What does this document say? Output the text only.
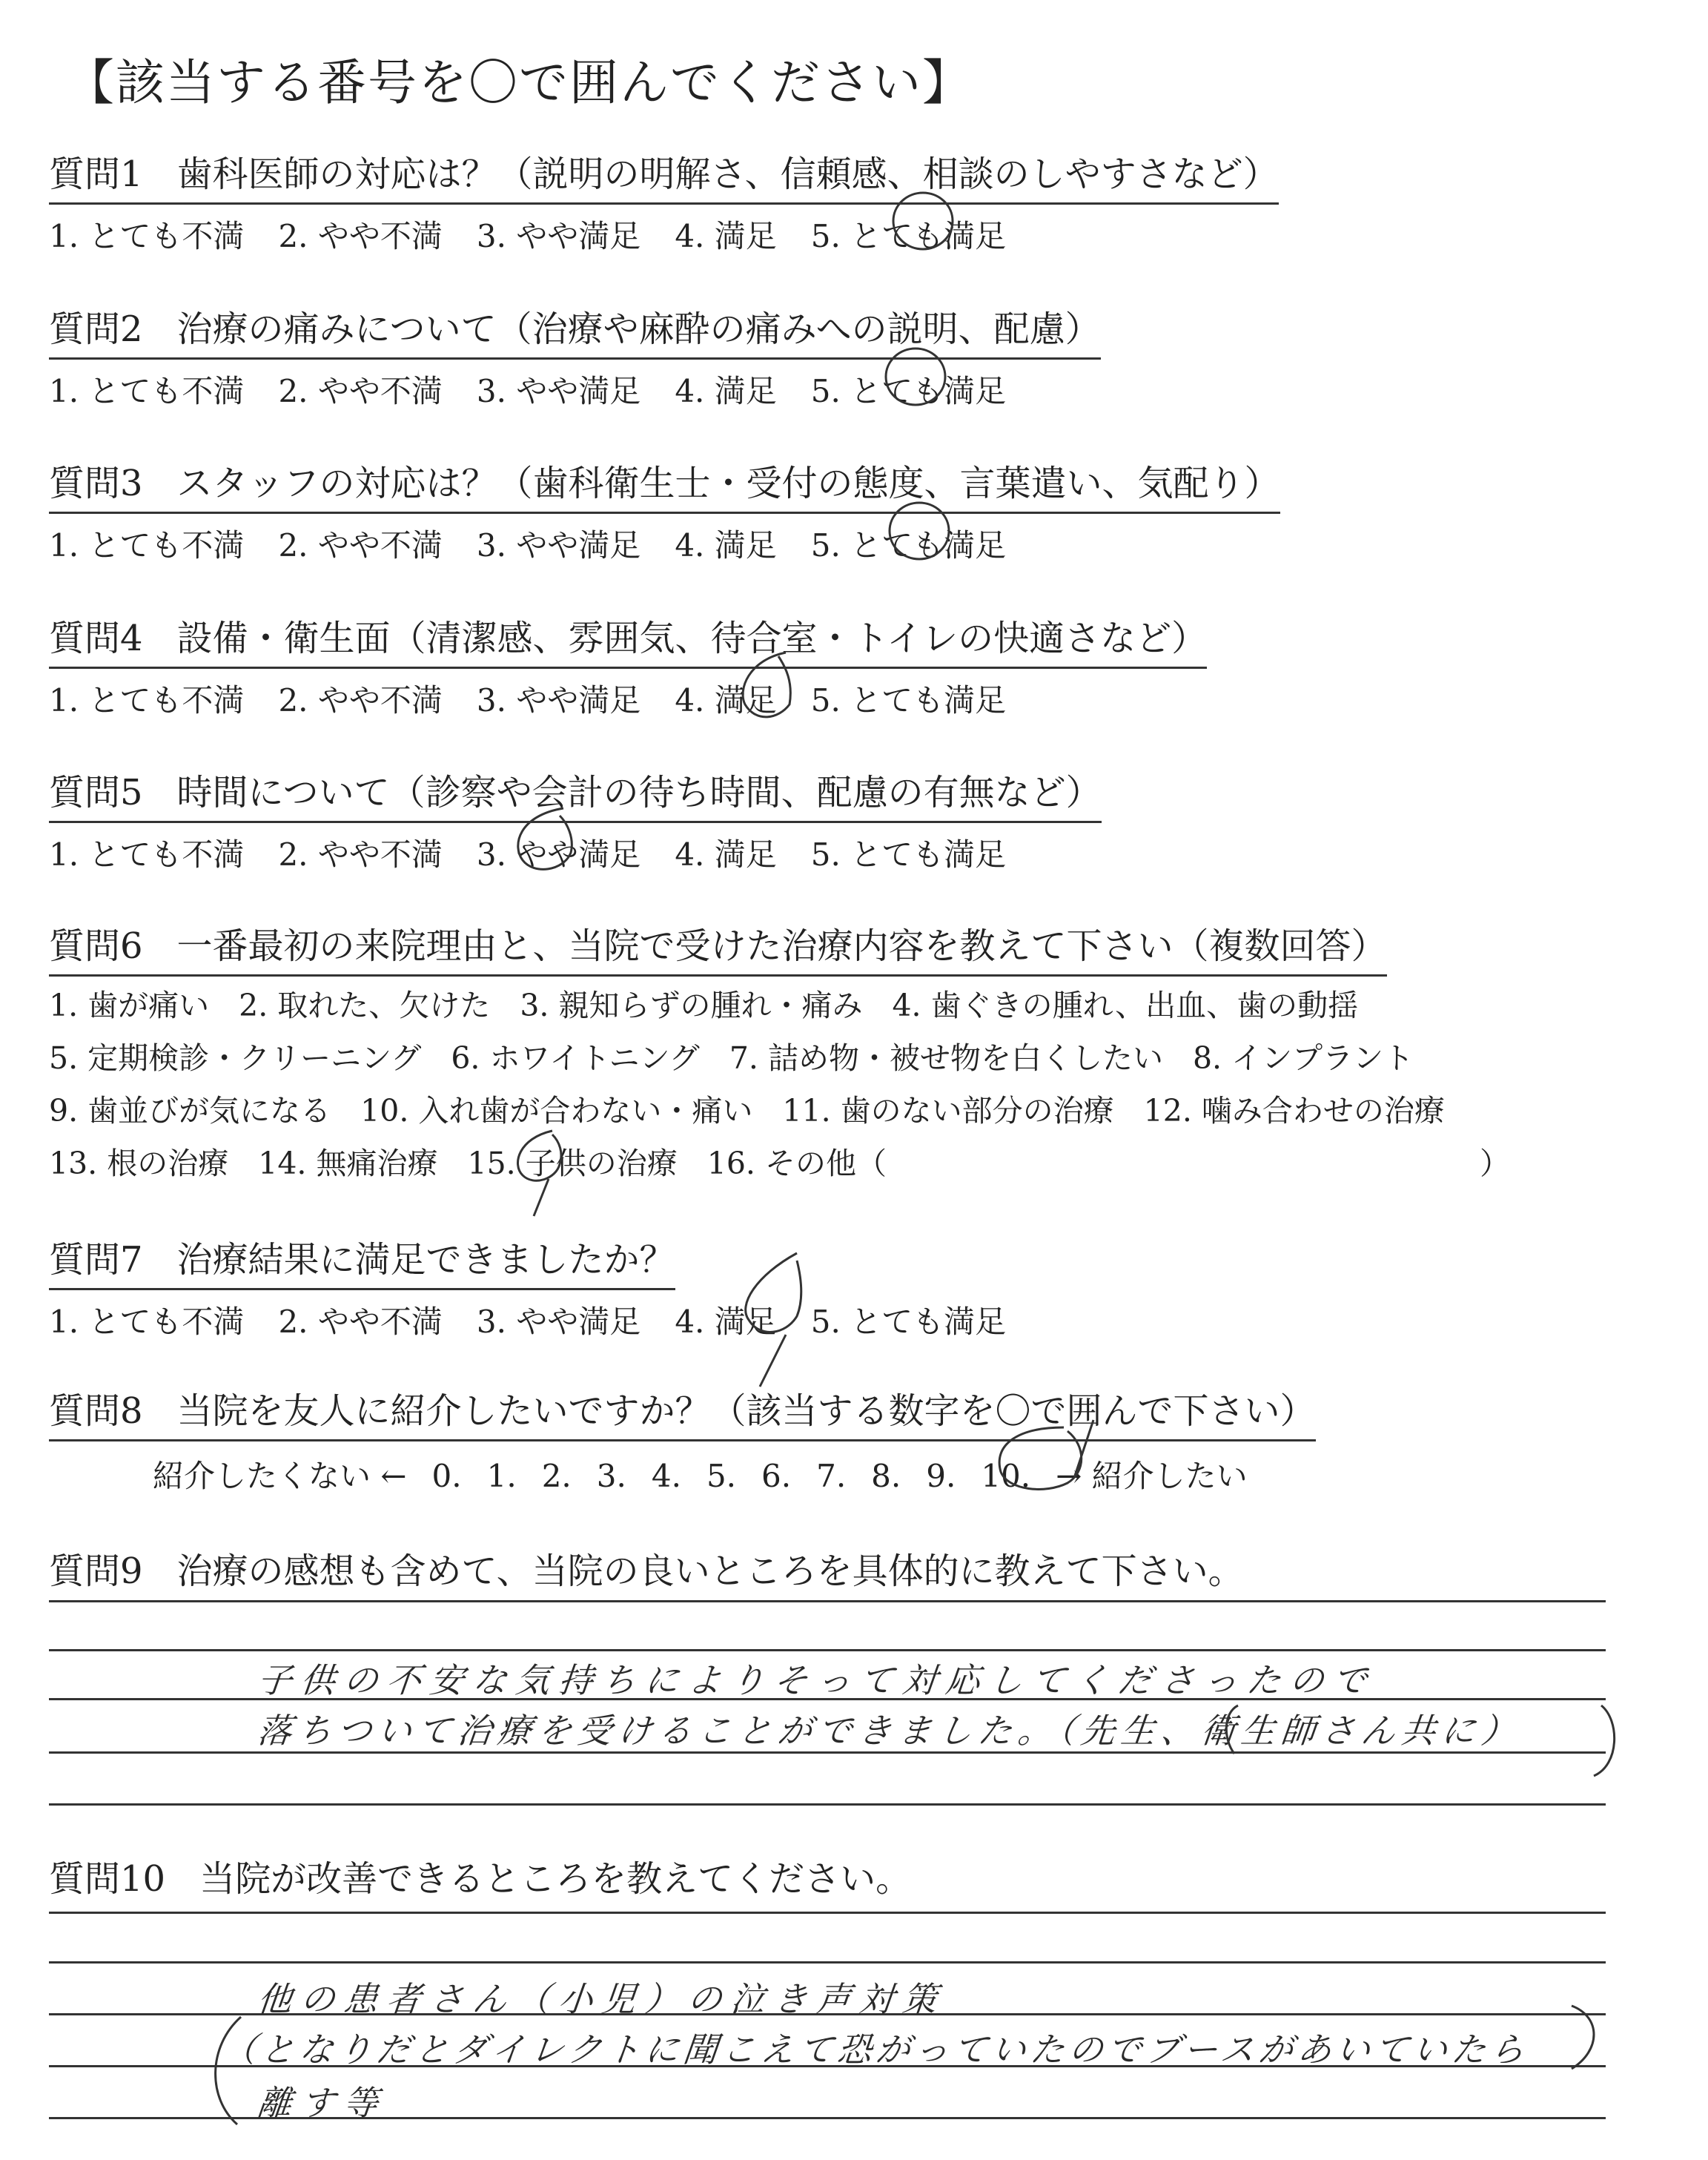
【該当する番号を〇で囲んでください】
質問1 歯科医師の対応は？（説明の明解さ、信頼感、相談のしやすさなど）
1. とても不満 2. やや不満 3. やや満足 4. 満足 5. とても満足
質問2 治療の痛みについて（治療や麻酔の痛みへの説明、配慮）
1. とても不満 2. やや不満 3. やや満足 4. 満足 5. とても満足
質問3 スタッフの対応は？（歯科衛生士・受付の態度、言葉遣い、気配り）
1. とても不満 2. やや不満 3. やや満足 4. 満足 5. とても満足
質問4 設備・衛生面（清潔感、雰囲気、待合室・トイレの快適さなど）
1. とても不満 2. やや不満 3. やや満足 4. 満足 5. とても満足
質問5 時間について（診察や会計の待ち時間、配慮の有無など）
1. とても不満 2. やや不満 3. やや満足 4. 満足 5. とても満足
質問6 一番最初の来院理由と、当院で受けた治療内容を教えて下さい（複数回答）
1. 歯が痛い 2. 取れた、欠けた 3. 親知らずの腫れ・痛み 4. 歯ぐきの腫れ、出血、歯の動揺
5. 定期検診・クリーニング 6. ホワイトニング 7. 詰め物・被せ物を白くしたい 8. インプラント
9. 歯並びが気になる 10. 入れ歯が合わない・痛い 11. 歯のない部分の治療 12. 噛み合わせの治療
13. 根の治療 14. 無痛治療 15. 子供の治療 16. その他（	）
質問7 治療結果に満足できましたか？
1. とても不満 2. やや不満 3. やや満足 4. 満足 5. とても満足
質問8 当院を友人に紹介したいですか？（該当する数字を〇で囲んで下さい）
紹介したくない ← 0. 1. 2. 3. 4. 5. 6. 7. 8. 9. 10. → 紹介したい
質問9 治療の感想も含めて、当院の良いところを具体的に教えて下さい。
子供の不安な気持ちによりそって対応してくださったので
落ちついて治療を受けることができました。（先生、衛生師さん共に）
質問10 当院が改善できるところを教えてください。
他の患者さん（小児）の泣き声対策
（となりだとダイレクトに聞こえて恐がっていたのでブースがあいていたら
離す等
